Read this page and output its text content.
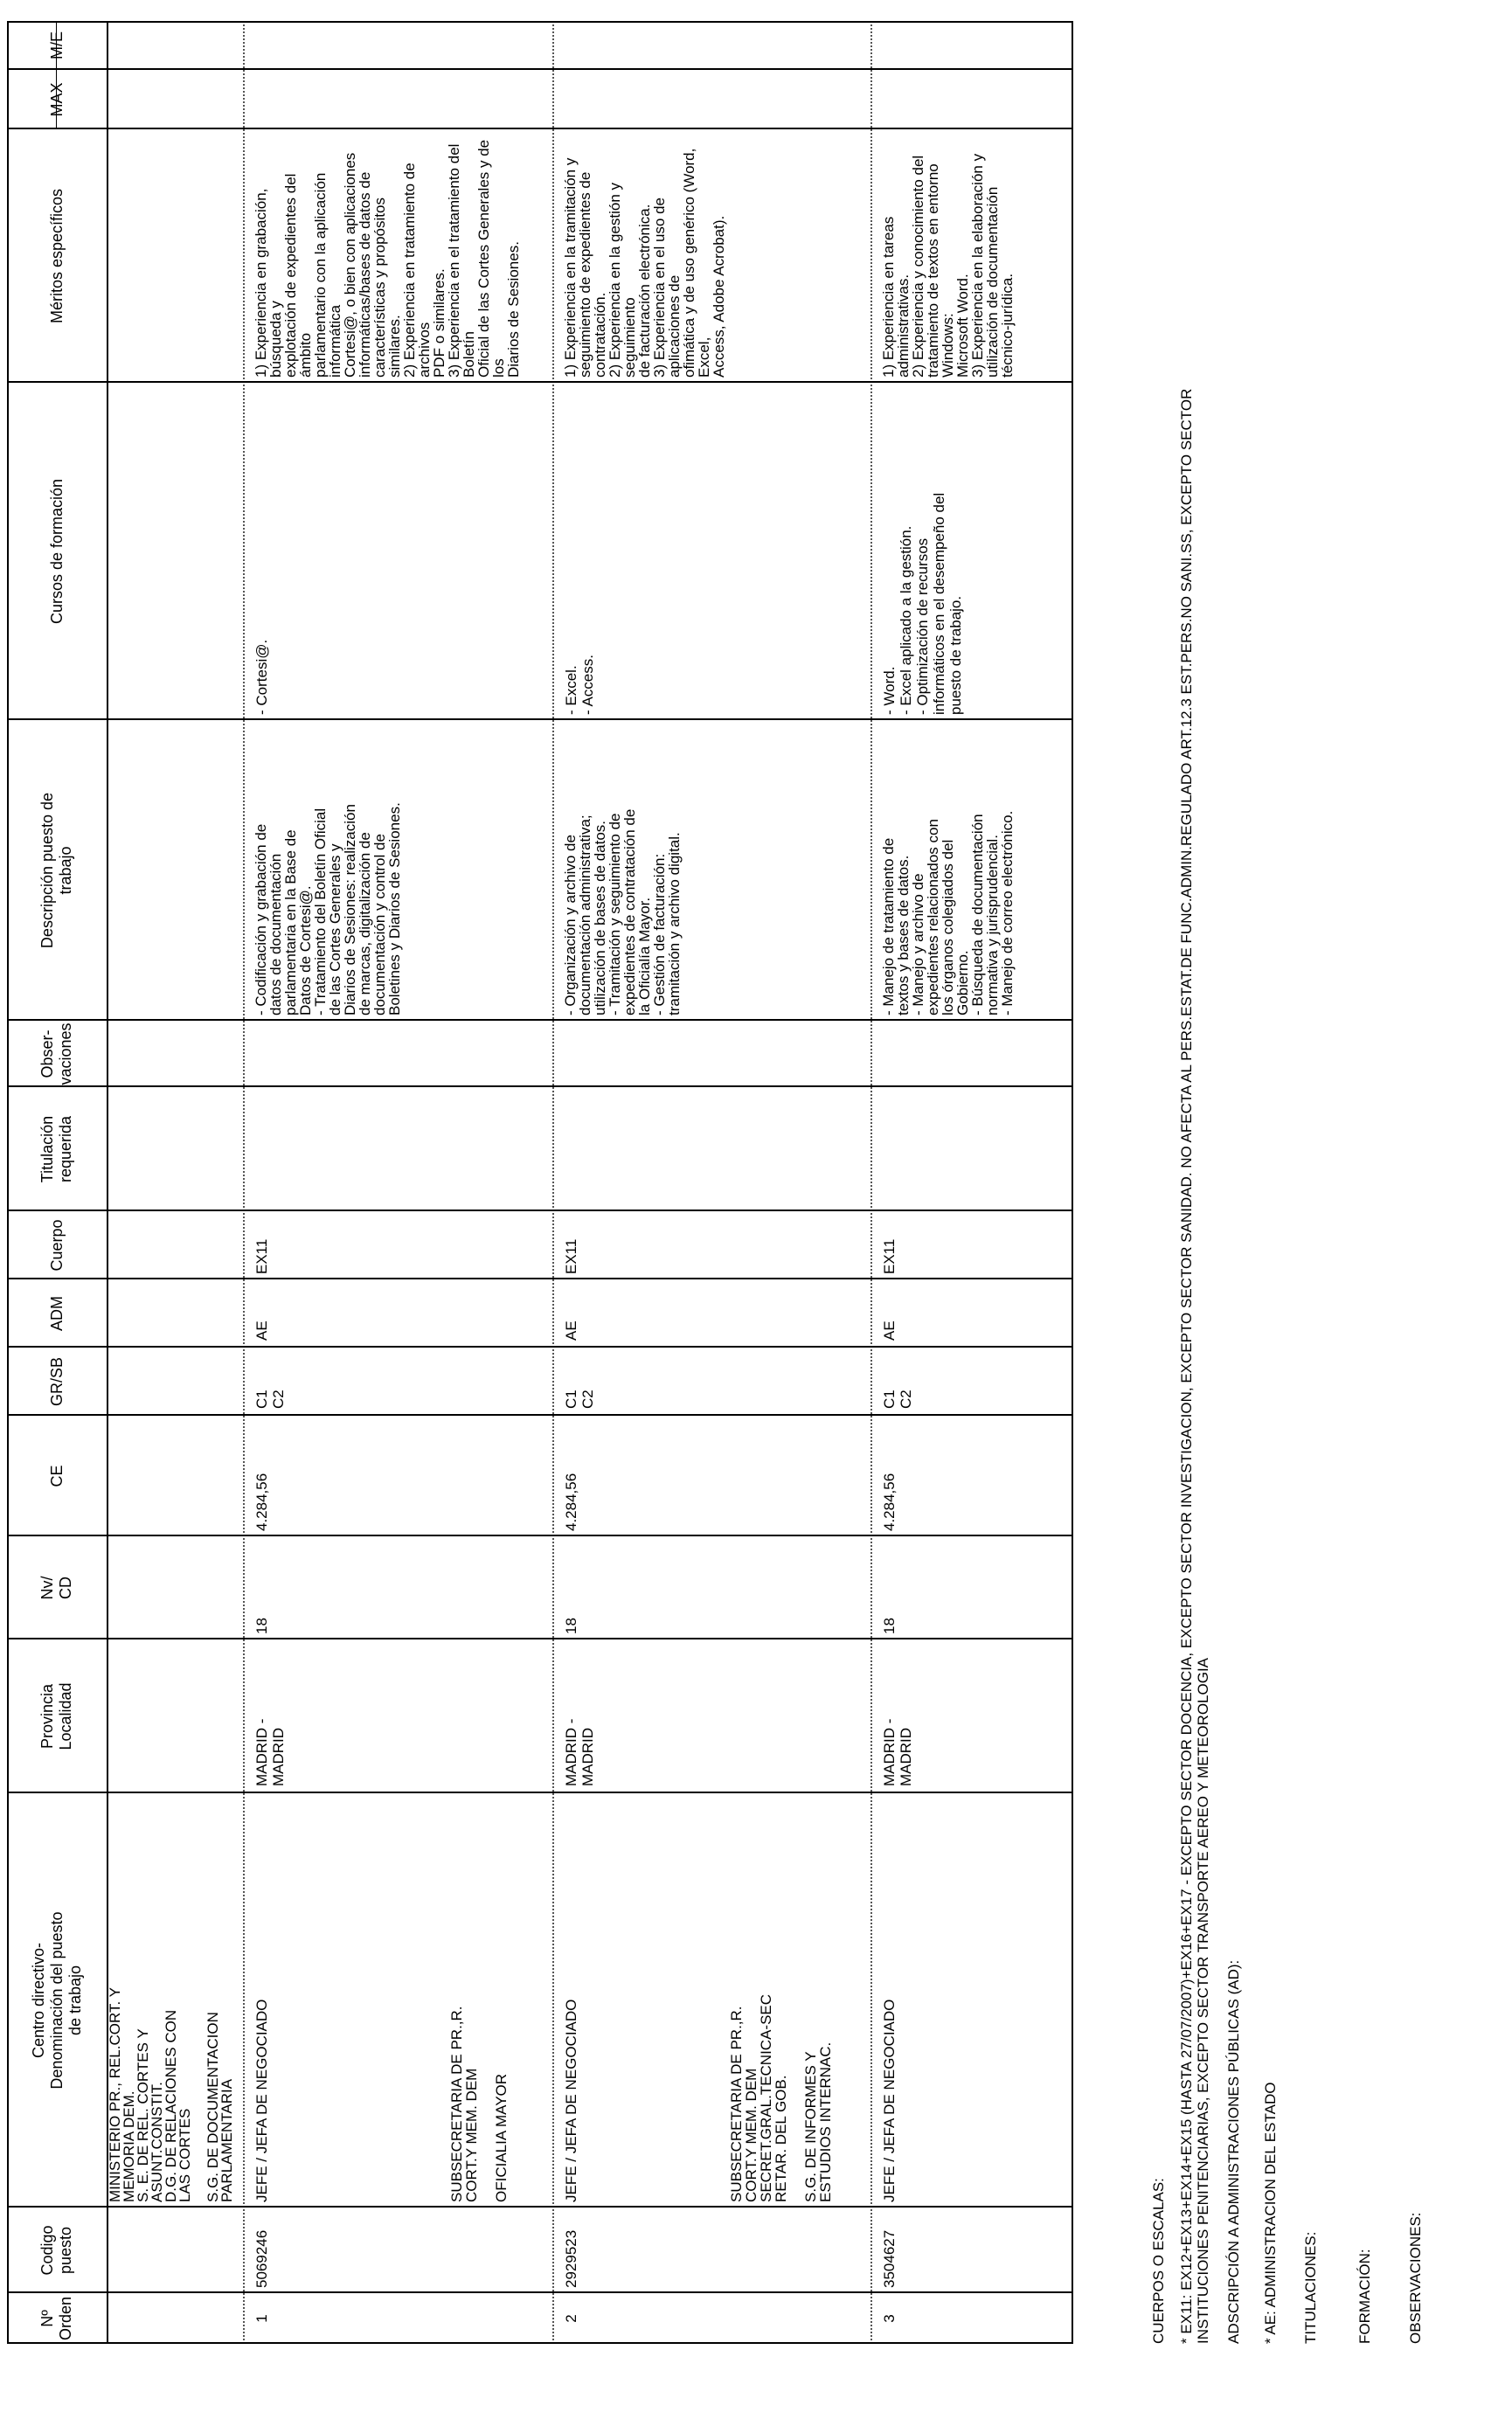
Nº Orden
Codigo puesto
Centro directivo-
Denominación del puesto
de trabajo
Provincia
Localidad
Nv/
CD
CE
GR/SB
ADM
Cuerpo
Titulación
requerida
Obser-
vaciones
Descripción puesto de
trabajo
Cursos de formación
Méritos específicos
MAX
M/E
MINISTERIO PR., REL.CORT. Y
MEMORIA DEM.
S. E. DE REL. CORTES Y
ASUNT.CONSTIT.
D.G. DE RELACIONES CON
LAS CORTES

S.G. DE DOCUMENTACION
PARLAMENTARIA
1
5069246
JEFE / JEFA DE NEGOCIADO
MADRID -
MADRID
18
4.284,56
C1
C2
AE
EX11
- Codificación y grabación de
datos de documentación
parlamentaria en la Base de
Datos de Cortesi@.
- Tratamiento del Boletín Oficial
de las Cortes Generales y
Diarios de Sesiones: realización
de marcas, digitalización de
documentación y control de
Boletines y Diarios de Sesiones.
- Cortesi@.
1) Experiencia en grabación, búsqueda y
explotación de expedientes del ámbito
parlamentario con la aplicación informática
Cortesi@, o bien con aplicaciones
informáticas/bases de datos de
características y propósitos similares.
2) Experiencia en tratamiento de archivos
PDF o similares.
3) Experiencia en el tratamiento del Boletín
Oficial de las Cortes Generales y de los
Diarios de Sesiones.
SUBSECRETARIA DE PR.,R.
CORT.Y MEM. DEM

OFICIALIA MAYOR
2
2929523
JEFE / JEFA DE NEGOCIADO
MADRID -
MADRID
18
4.284,56
C1
C2
AE
EX11
- Organización y archivo de
documentación administrativa;
utilización de bases de datos.
- Tramitación y seguimiento de
expedientes de contratación de
la Oficialía Mayor.
- Gestión de facturación:
tramitación y archivo digital.
- Excel.
- Access.
1) Experiencia en la tramitación y
seguimiento de expedientes de
contratación.
2) Experiencia en la gestión y seguimiento
de facturación electrónica.
3) Experiencia en el uso de aplicaciones de
ofimática y de uso genérico (Word, Excel,
Access, Adobe Acrobat).
SUBSECRETARIA DE PR.,R.
CORT.Y MEM. DEM
SECRET.GRAL.TECNICA-SEC
RETAR. DEL GOB.

S.G. DE INFORMES Y
ESTUDIOS INTERNAC.
3
3504627
JEFE / JEFA DE NEGOCIADO
MADRID -
MADRID
18
4.284,56
C1
C2
AE
EX11
- Manejo de tratamiento de
textos y bases de datos.
- Manejo y archivo de
expedientes relacionados con
los órganos colegiados del
Gobierno.
- Búsqueda de documentación
normativa y jurisprudencial.
- Manejo de correo electrónico.
- Word.
- Excel aplicado a la gestión.
- Optimización de recursos
informáticos en el desempeño del
puesto de trabajo.
1) Experiencia en tareas administrativas.
2) Experiencia y conocimiento del
tratamiento de textos en entorno Windows:
Microsoft Word.
3) Experiencia en la elaboración y
utilización de documentación
técnico-jurídica.
CUERPOS O ESCALAS: * EX11: EX12+EX13+EX14+EX15 (HASTA 27/07/2007)+EX16+EX17 - EXCEPTO SECTOR DOCENCIA, EXCEPTO SECTOR INVESTIGACION, EXCEPTO SECTOR SANIDAD. NO AFECTA AL PERS.ESTAT.DE FUNC.ADMIN.REGULADO ART.12.3 EST.PERS.NO SANI.SS, EXCEPTO SECTOR
INSTITUCIONES PENITENCIARIAS, EXCEPTO SECTOR TRANSPORTE AEREO Y METEOROLOGIA
ADSCRIPCIÓN A ADMINISTRACIONES PÚBLICAS (AD): * AE: ADMINISTRACION DEL ESTADO TITULACIONES:	FORMACIÓN: OBSERVACIONES:
